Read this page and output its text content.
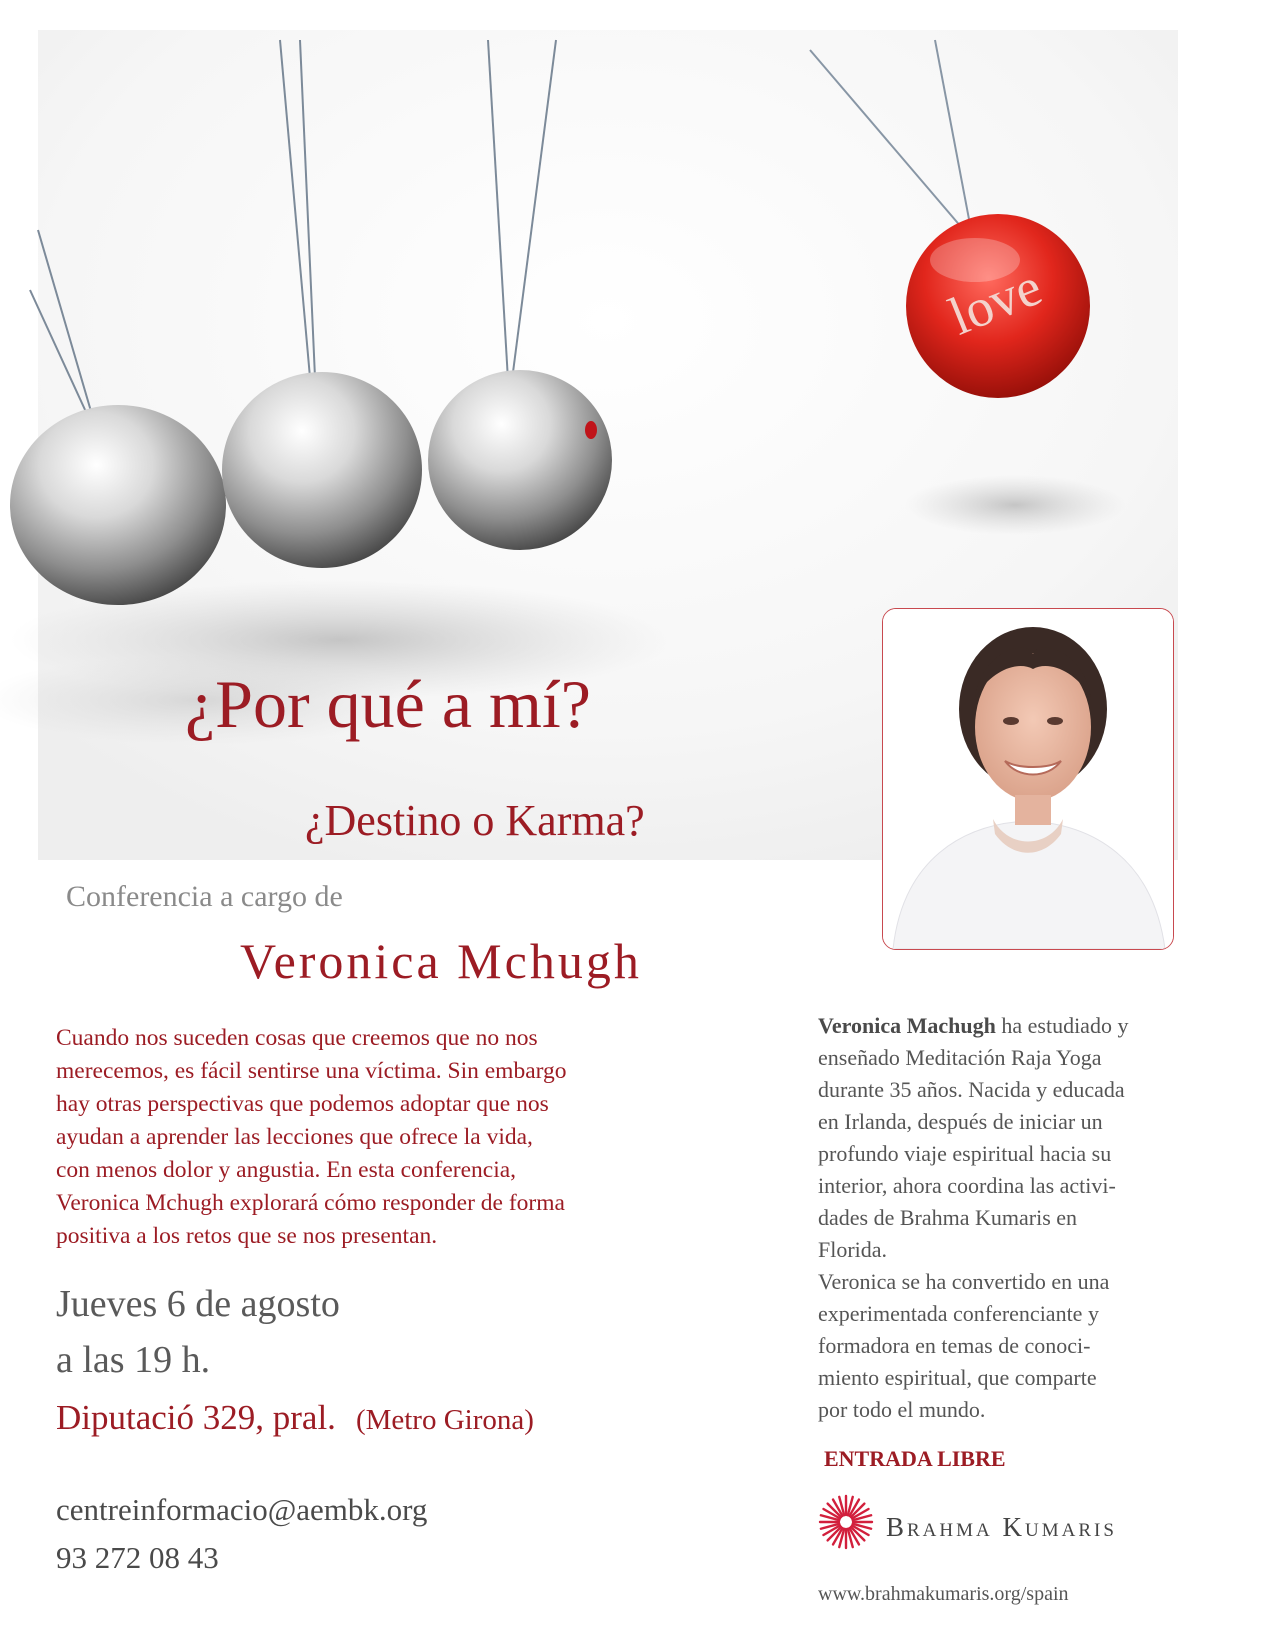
love
¿Por qué a mí?
¿Destino o Karma?
Conferencia a cargo de
Veronica Mchugh
Cuando nos suceden cosas que creemos que no nos
merecemos, es fácil sentirse una víctima. Sin embargo
hay otras perspectivas que podemos adoptar que nos
ayudan a aprender las lecciones que ofrece la vida,
con menos dolor y angustia. En esta conferencia,
Veronica Mchugh explorará cómo responder de forma
positiva a los retos que se nos presentan.
Jueves 6 de agosto
a las 19 h.
Diputació 329, pral. (Metro Girona)
centreinformacio@aembk.org
93 272 08 43
Veronica Machugh ha estudiado y
enseñado Meditación Raja Yoga
durante 35 años. Nacida y educada
en Irlanda, después de iniciar un
profundo viaje espiritual hacia su
interior, ahora coordina las activi-
dades de Brahma Kumaris en
Florida.
Veronica se ha convertido en una
experimentada conferenciante y
formadora en temas de conoci-
miento espiritual, que comparte
por todo el mundo.
ENTRADA LIBRE
Brahma Kumaris
www.brahmakumaris.org/spain
